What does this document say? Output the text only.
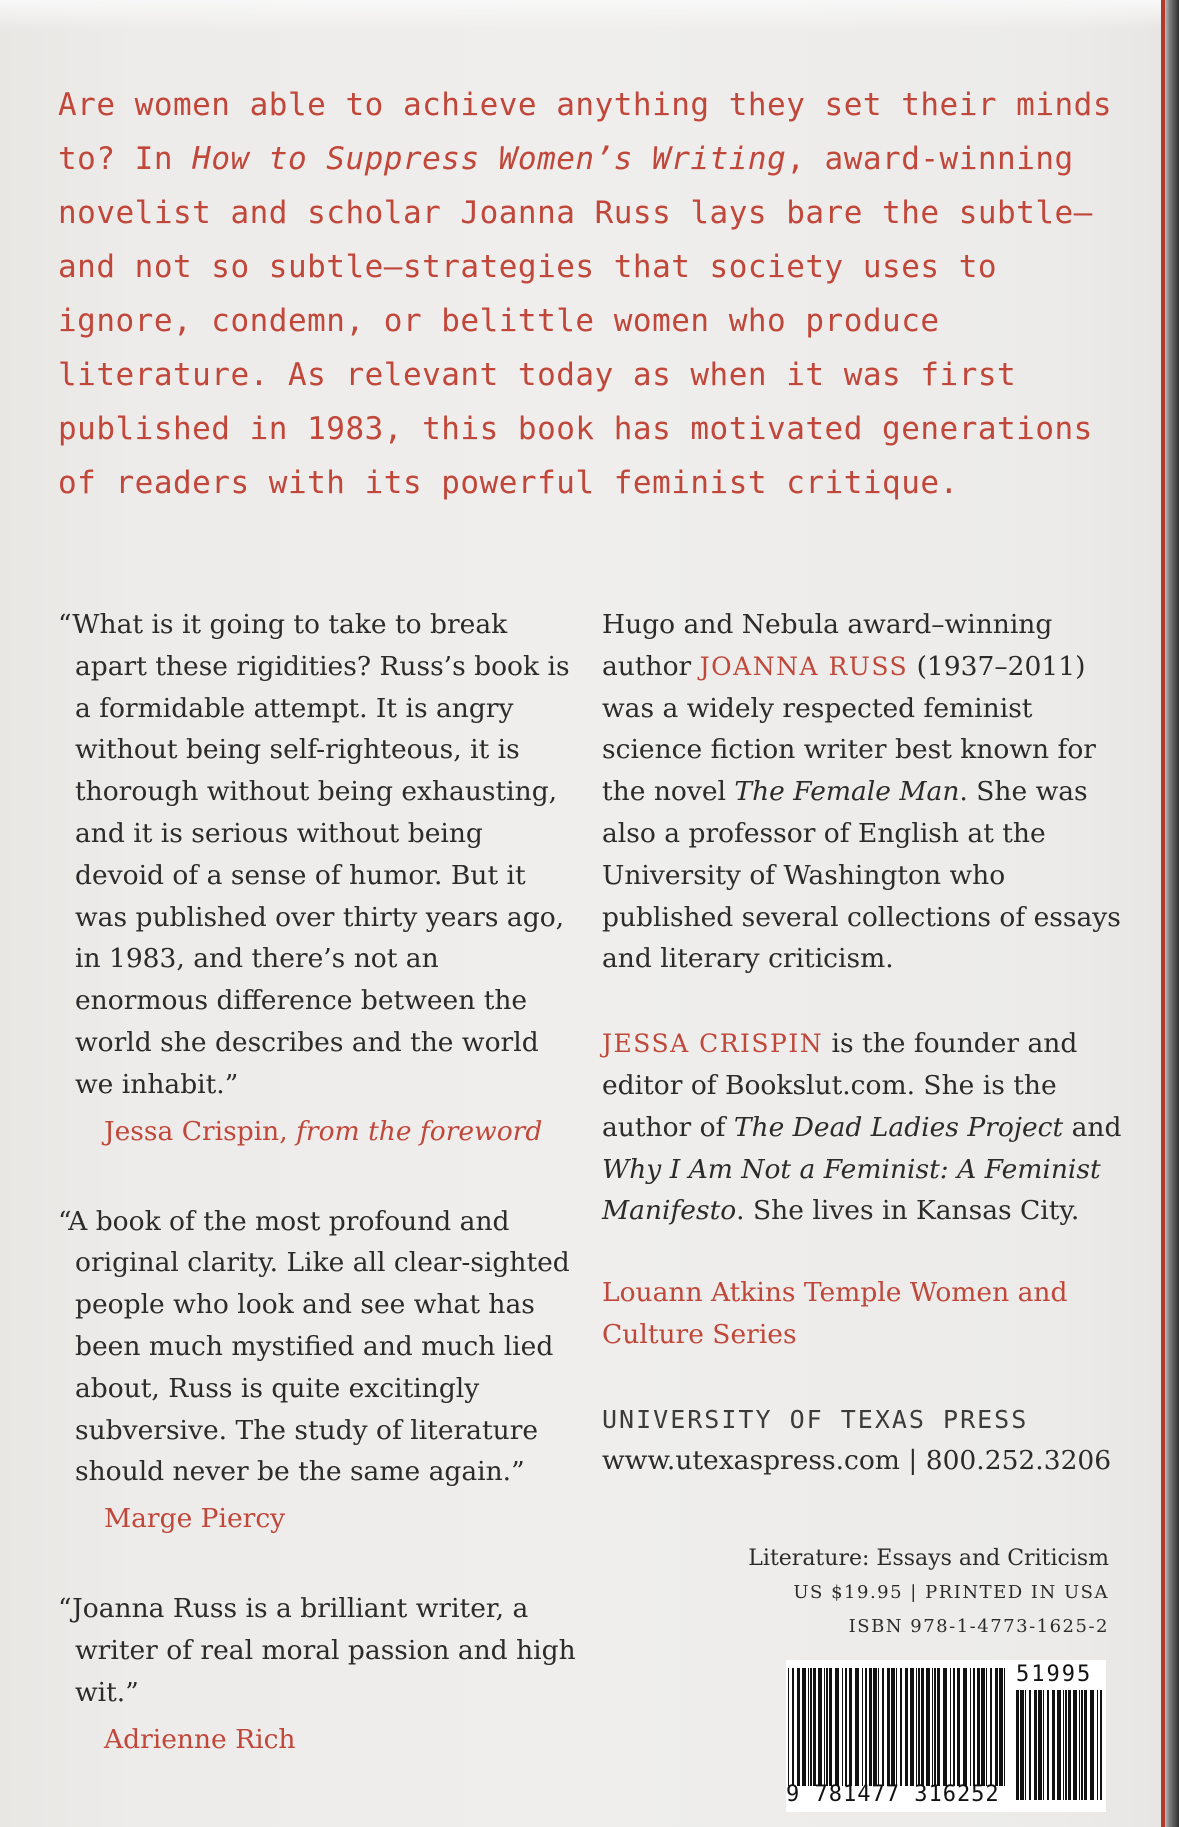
Are women able to achieve anything they set their minds to? In How to Suppress Women’s Writing, award-winning novelist and scholar Joanna Russ lays bare the subtle—and not so subtle—strategies that society uses to ignore, condemn, or belittle women who produce literature. As relevant today as when it was first published in 1983, this book has motivated generations of readers with its powerful feminist critique.

“What is it going to take to break apart these rigidities? Russ’s book is a formidable attempt. It is angry without being self-righteous, it is thorough without being exhausting, and it is serious without being devoid of a sense of humor. But it was published over thirty years ago, in 1983, and there’s not an enormous difference between the world she describes and the world we inhabit.”

Jessa Crispin, from the foreword

“A book of the most profound and original clarity. Like all clear-sighted people who look and see what has been much mystified and much lied about, Russ is quite excitingly subversive. The study of literature should never be the same again.”

Marge Piercy

“Joanna Russ is a brilliant writer, a writer of real moral passion and high wit.”

Adrienne Rich

Hugo and Nebula award–winning author JOANNA RUSS (1937–2011) was a widely respected feminist science fiction writer best known for the novel The Female Man. She was also a professor of English at the University of Washington who published several collections of essays and literary criticism.

JESSA CRISPIN is the founder and editor of Bookslut.com. She is the author of The Dead Ladies Project and Why I Am Not a Feminist: A Feminist Manifesto. She lives in Kansas City.

Louann Atkins Temple Women and Culture Series

UNIVERSITY OF TEXAS PRESS

www.utexaspress.com | 800.252.3206

Literature: Essays and Criticism
US $19.95 | PRINTED IN USA
ISBN 978-1-4773-1625-2
9 781477 316252
51995
